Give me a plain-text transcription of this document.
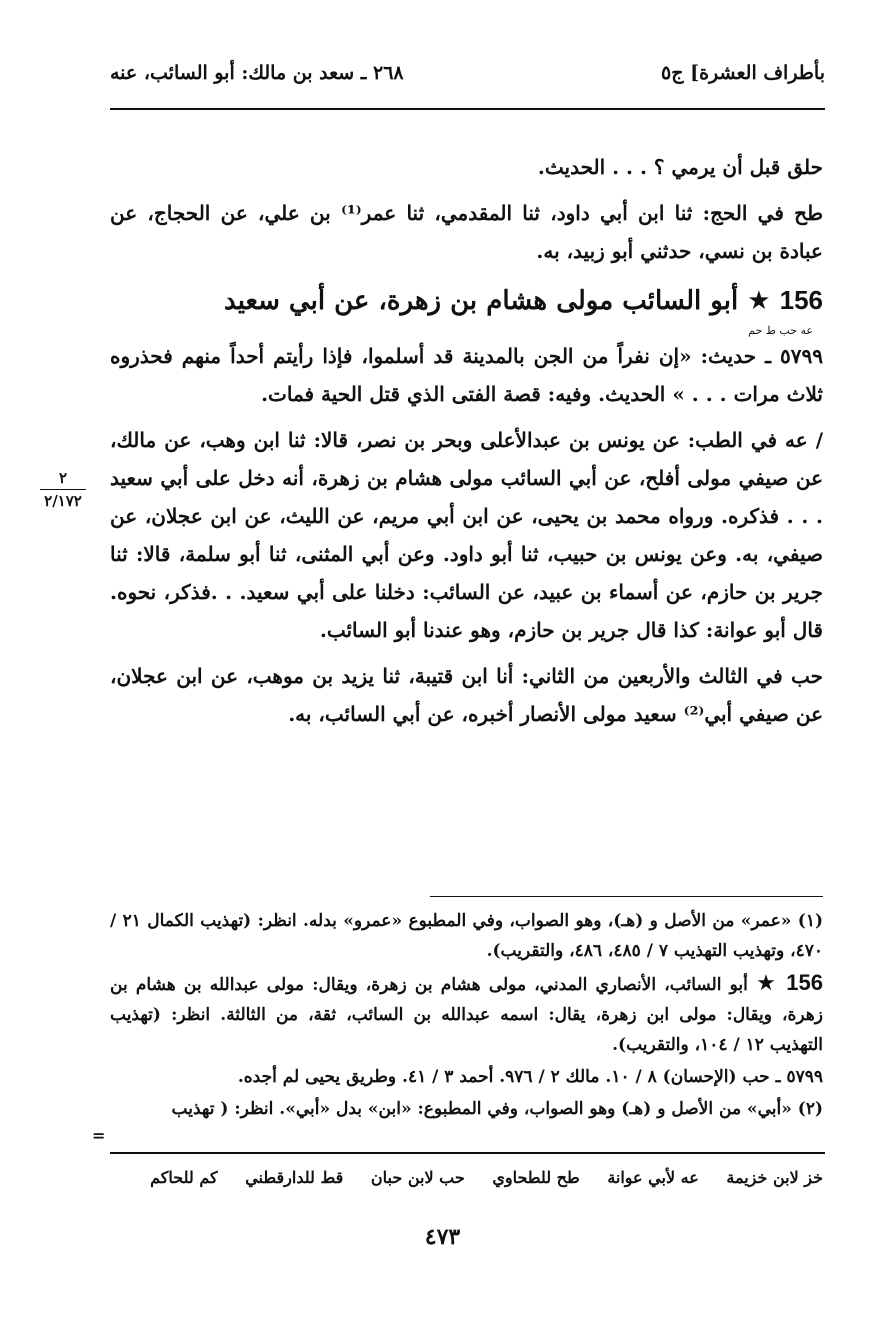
بأطراف العشرة] ج٥
٢٦٨ ـ سعد بن مالك: أبو السائب، عنه

حلق قبل أن يرمي ؟ . . . الحديث.

طح في الحج: ثنا ابن أبي داود، ثنا المقدمي، ثنا عمر⁽¹⁾ بن علي، عن الحجاج، عن عبادة بن نسي، حدثني أبو زبيد، به.

156 ★ أبو السائب مولى هشام بن زهرة، عن أبي سعيد

عه حب ط حم
٥٧٩٩ ـ حديث: «إن نفراً من الجن بالمدينة قد أسلموا، فإذا رأيتم أحداً منهم فحذروه ثلاث مرات . . . » الحديث. وفيه: قصة الفتى الذي قتل الحية فمات.

/ عه في الطب: عن يونس بن عبدالأعلى وبحر بن نصر، قالا: ثنا ابن وهب، عن مالك، عن صيفي مولى أفلح، عن أبي السائب مولى هشام بن زهرة، أنه دخل على أبي سعيد . . . فذكره. ورواه محمد بن يحيى، عن ابن أبي مريم، عن الليث، عن ابن عجلان، عن صيفي، به. وعن يونس بن حبيب، ثنا أبو داود. وعن أبي المثنى، ثنا أبو سلمة، قالا: ثنا جرير بن حازم، عن أسماء بن عبيد، عن السائب: دخلنا على أبي سعيد. . .فذكر، نحوه. قال أبو عوانة: كذا قال جرير بن حازم، وهو عندنا أبو السائب.

حب في الثالث والأربعين من الثاني: أنا ابن قتيبة، ثنا يزيد بن موهب، عن ابن عجلان، عن صيفي أبي⁽²⁾ سعيد مولى الأنصار أخبره، عن أبي السائب، به.

٢
٢/١٧٢

(١) «عمر» من الأصل و (هـ)، وهو الصواب، وفي المطبوع «عمرو» بدله. انظر: (تهذيب الكمال ٢١ / ٤٧٠، وتهذيب التهذيب ٧ / ٤٨٥، ٤٨٦، والتقريب).

156 ★ أبو السائب، الأنصاري المدني، مولى هشام بن زهرة، ويقال: مولى عبدالله بن هشام بن زهرة، ويقال: مولى ابن زهرة، يقال: اسمه عبدالله بن السائب، ثقة، من الثالثة. انظر: (تهذيب التهذيب ١٢ / ١٠٤، والتقريب).

٥٧٩٩ ـ حب (الإحسان) ٨ / ١٠. مالك ٢ / ٩٧٦. أحمد ٣ / ٤١. وطريق يحيى لم أجده.

(٢) «أبي» من الأصل و (هـ) وهو الصواب، وفي المطبوع: «ابن» بدل «أبي». انظر: ( تهذيب

=
خز لابن خزيمة عه لأبي عوانة طح للطحاوي حب لابن حبان قط للدارقطني كم للحاكم
٤٧٣
